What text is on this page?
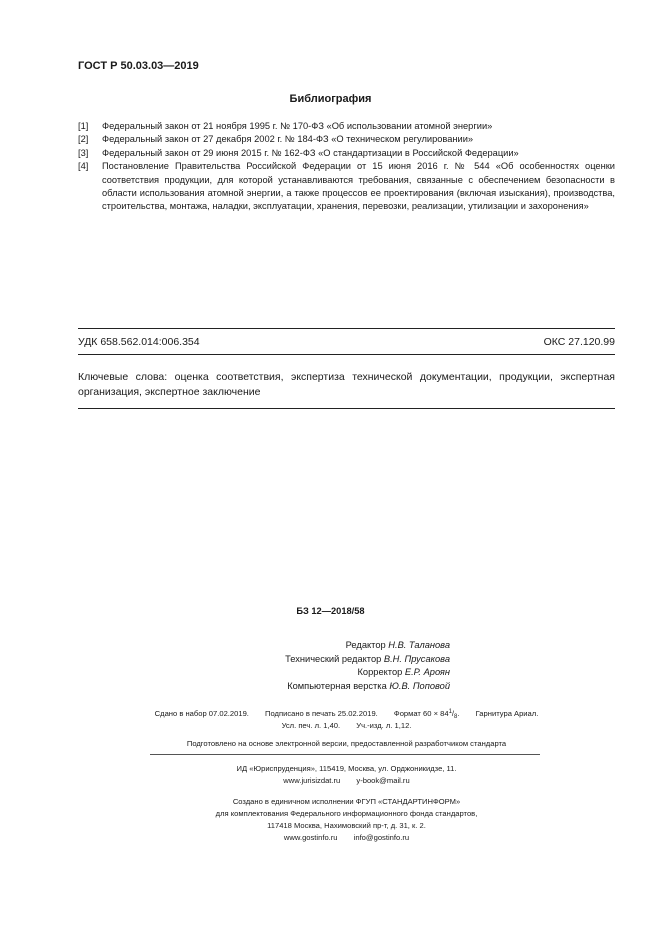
ГОСТ Р 50.03.03—2019
Библиография
[1]	Федеральный закон от 21 ноября 1995 г. № 170-ФЗ «Об использовании атомной энергии»
[2]	Федеральный закон от 27 декабря 2002 г. № 184-ФЗ «О техническом регулировании»
[3]	Федеральный закон от 29 июня 2015 г. № 162-ФЗ «О стандартизации в Российской Федерации»
[4]	Постановление Правительства Российской Федерации от 15 июня 2016 г. № 544 «Об особенностях оценки соответствия продукции, для которой устанавливаются требования, связанные с обеспечением безопасности в области использования атомной энергии, а также процессов ее проектирования (включая изыскания), производства, строительства, монтажа, наладки, эксплуатации, хранения, перевозки, реализации, утилизации и захоронения»
УДК 658.562.014:006.354	ОКС 27.120.99
Ключевые слова: оценка соответствия, экспертиза технической документации, продукции, экспертная организация, экспертное заключение
БЗ 12—2018/58
Редактор Н.В. Таланова
Технический редактор В.Н. Прусакова
Корректор Е.Р. Ароян
Компьютерная верстка Ю.В. Поповой
Сдано в набор 07.02.2019. Подписано в печать 25.02.2019. Формат $60 \times 84^1/_8$. Гарнитура Ариал.
Усл. печ. л. 1,40. Уч.-изд. л. 1,12.
Подготовлено на основе электронной версии, предоставленной разработчиком стандарта
ИД «Юриспруденция», 115419, Москва, ул. Орджоникидзе, 11.
www.jurisizdat.ru y-book@mail.ru
Создано в единичном исполнении ФГУП «СТАНДАРТИНФОРМ»
для комплектования Федерального информационного фонда стандартов,
117418 Москва, Нахимовский пр-т, д. 31, к. 2.
www.gostinfo.ru info@gostinfo.ru
